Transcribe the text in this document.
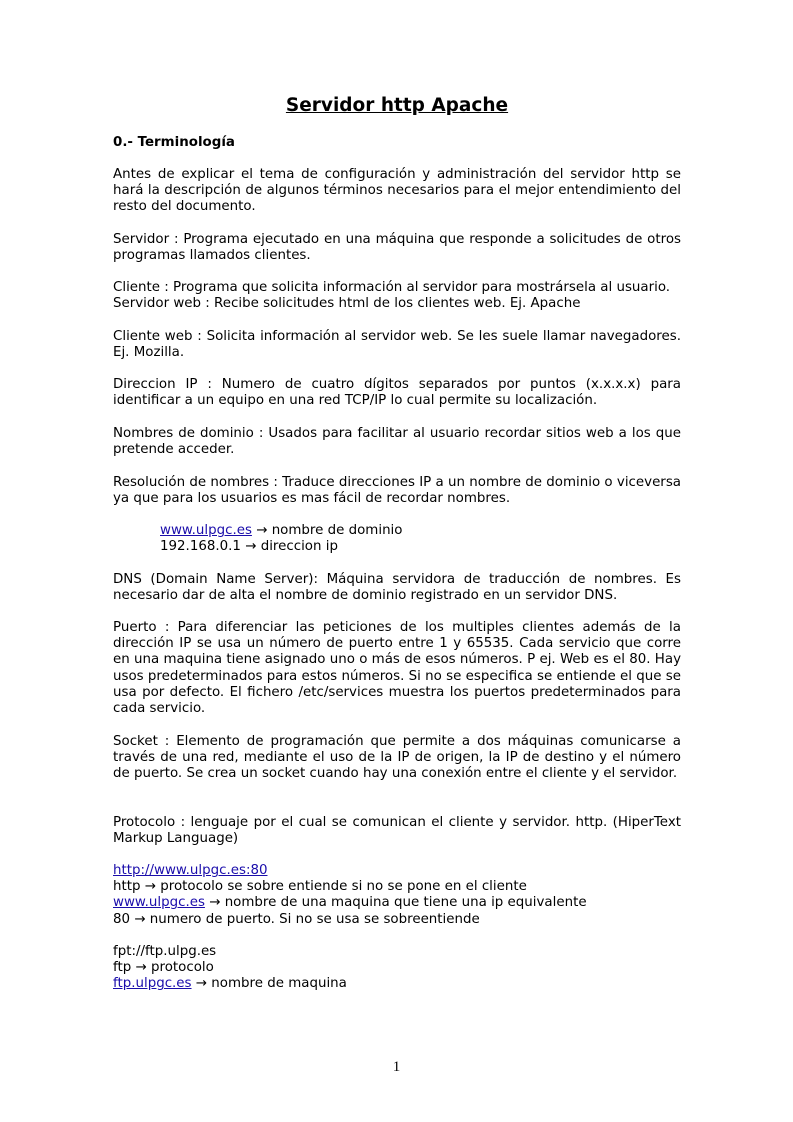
Servidor http Apache

0.- Terminología

Antes de explicar el tema de configuración y administración del servidor http se hará la descripción de algunos términos necesarios para el mejor entendimiento del resto del documento.

Servidor : Programa ejecutado en una máquina que responde a solicitudes de otros programas llamados clientes.

Cliente : Programa que solicita información al servidor para mostrársela al usuario.
Servidor web : Recibe solicitudes html de los clientes web. Ej. Apache

Cliente web : Solicita información al servidor web. Se les suele llamar navegadores. Ej. Mozilla.

Direccion IP : Numero de cuatro dígitos separados por puntos (x.x.x.x) para identificar a un equipo en una red TCP/IP lo cual permite su localización.

Nombres de dominio : Usados para facilitar al usuario recordar sitios web a los que pretende acceder.

Resolución de nombres : Traduce direcciones IP a un nombre de dominio o viceversa ya que para los usuarios es mas fácil de recordar nombres.

www.ulpgc.es → nombre de dominio
192.168.0.1 → direccion ip

DNS (Domain Name Server): Máquina servidora de traducción de nombres. Es necesario dar de alta el nombre de dominio registrado en un servidor DNS.

Puerto : Para diferenciar las peticiones de los multiples clientes además de la dirección IP se usa un número de puerto entre 1 y 65535. Cada servicio que corre en una maquina tiene asignado uno o más de esos números. P ej. Web es el 80. Hay usos predeterminados para estos números. Si no se especifica se entiende el que se usa por defecto. El fichero /etc/services muestra los puertos predeterminados para cada servicio.

Socket : Elemento de programación que permite a dos máquinas comunicarse a través de una red, mediante el uso de la IP de origen, la IP de destino y el número de puerto. Se crea un socket cuando hay una conexión entre el cliente y el servidor.

Protocolo : lenguaje por el cual se comunican el cliente y servidor. http. (HiperText Markup Language)

http://www.ulpgc.es:80
http → protocolo se sobre entiende si no se pone en el cliente
www.ulpgc.es → nombre de una maquina que tiene una ip equivalente
80 → numero de puerto. Si no se usa se sobreentiende

fpt://ftp.ulpg.es
ftp → protocolo
ftp.ulpgc.es → nombre de maquina

1
